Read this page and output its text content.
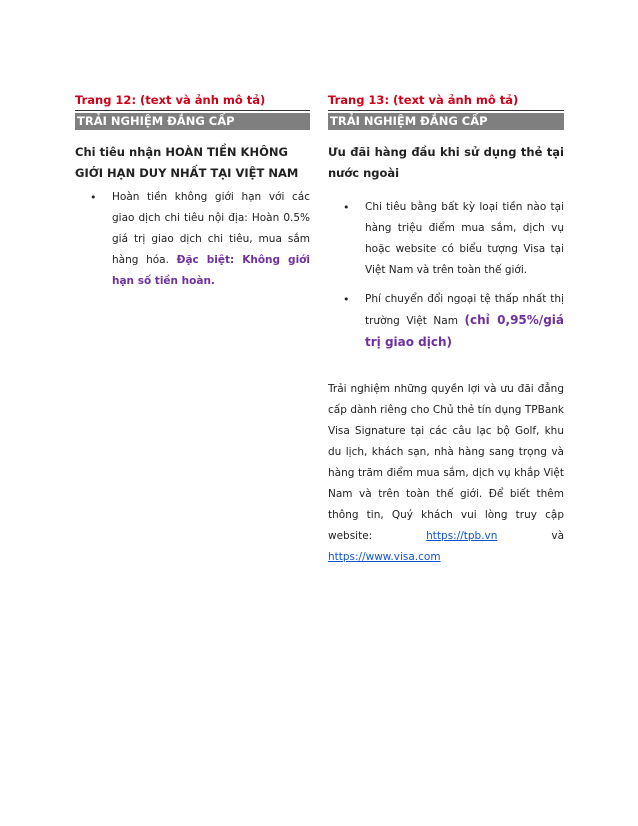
Trang 12: (text và ảnh mô tả)
TRẢI NGHIỆM ĐẲNG CẤP SIGNATURE
Chi tiêu nhận HOÀN TIỀN KHÔNG GIỚI HẠN DUY NHẤT TẠI VIỆT NAM
• Hoàn tiền không giới hạn với các giao dịch chi tiêu nội địa: Hoàn 0.5% giá trị giao dịch chi tiêu, mua sắm hàng hóa. Đặc biệt: Không giới hạn số tiền hoàn.
Trang 13: (text và ảnh mô tả)
TRẢI NGHIỆM ĐẲNG CẤP SIGNATURE
Ưu đãi hàng đầu khi sử dụng thẻ tại nước ngoài
• Chi tiêu bằng bất kỳ loại tiền nào tại hàng triệu điểm mua sắm, dịch vụ hoặc website có biểu tượng Visa tại Việt Nam và trên toàn thế giới.
• Phí chuyển đổi ngoại tệ thấp nhất thị trường Việt Nam (chỉ 0,95%/giá trị giao dịch)
Trải nghiệm những quyền lợi và ưu đãi đẳng cấp dành riêng cho Chủ thẻ tín dụng TPBank Visa Signature tại các câu lạc bộ Golf, khu du lịch, khách sạn, nhà hàng sang trọng và hàng trăm điểm mua sắm, dịch vụ khắp Việt Nam và trên toàn thế giới. Để biết thêm thông tin, Quý khách vui lòng truy cập website:	https://tpb.vn	và https://www.visa.com
